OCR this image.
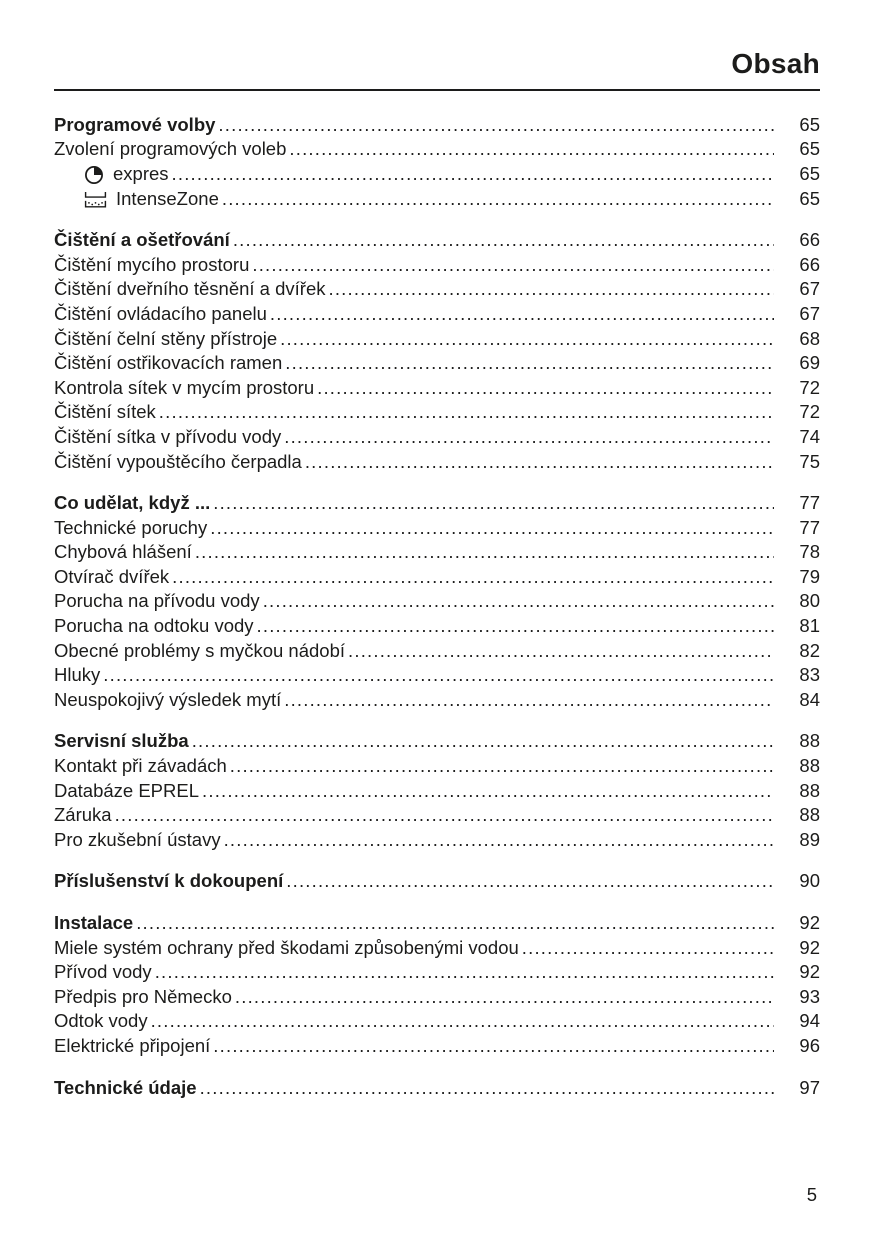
Obsah
Programové volby .....	65
Zvolení programových voleb .....	65
expres .....	65
IntenseZone .....	65
Čištění a ošetřování .....	66
Čištění mycího prostoru .....	66
Čištění dveřního těsnění a dvířek .....	67
Čištění ovládacího panelu .....	67
Čištění čelní stěny přístroje .....	68
Čištění ostřikovacích ramen .....	69
Kontrola sítek v mycím prostoru .....	72
Čištění sítek .....	72
Čištění sítka v přívodu vody .....	74
Čištění vypouštěcího čerpadla .....	75
Co udělat, když ... .....	77
Technické poruchy .....	77
Chybová hlášení .....	78
Otvírač dvířek .....	79
Porucha na přívodu vody .....	80
Porucha na odtoku vody .....	81
Obecné problémy s myčkou nádobí .....	82
Hluky .....	83
Neuspokojivý výsledek mytí .....	84
Servisní služba .....	88
Kontakt při závadách .....	88
Databáze EPREL .....	88
Záruka .....	88
Pro zkušební ústavy .....	89
Příslušenství k dokoupení .....	90
Instalace .....	92
Miele systém ochrany před škodami způsobenými vodou .....	92
Přívod vody .....	92
Předpis pro Německo .....	93
Odtok vody .....	94
Elektrické připojení .....	96
Technické údaje .....	97
5
